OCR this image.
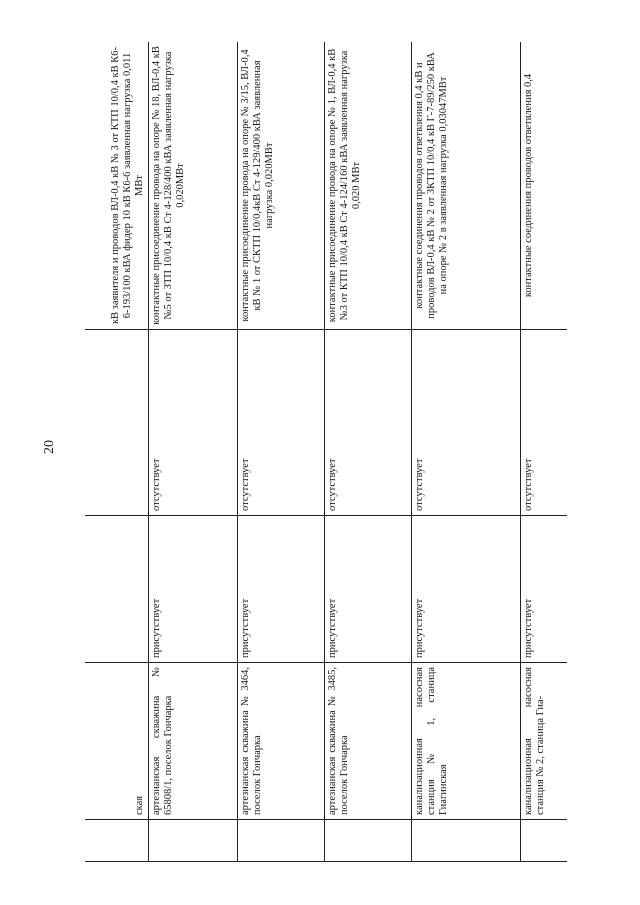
20
	ская			кВ заявителя и проводов ВЛ-0,4 кВ № 3 от КТП 10/0,4 кВ К6-6-193/100 кВА фидер 10 кВ К6-6 заявленная нагрузка 0,011 МВт
	артезианская скважина № 65808/1, поселок Гончарка	присутствует	отсутствует	контактные присоединение провода на опоре № 18, ВЛ-0,4 кВ №5 от ЗТП 10/0,4 кВ Ст 4-128/400 кВА заявленная нагрузка 0,020МВт
	артезианская скважина № 3464, поселок Гончарка	присутствует	отсутствует	контактные присоединение провода на опоре № 3/15, ВЛ-0,4 кВ № 1 от СКТП 10/0,4кВ Ст 4-129/400 кВА заявленная нагрузка 0,020МВт
	артезианская скважина № 3485, поселок Гончарка	присутствует	отсутствует	контактные присоединение провода на опоре № 1, ВЛ-0,4 кВ №3 от КТП 10/0,4 кВ Ст 4-124/160 кВА заявленная нагрузка 0,020 МВт
	канализационная насосная станция № 1, станица Гиагинская	присутствует	отсутствует	контактные соединения проводов ответвления 0,4 кВ и проводов ВЛ-0,4 кВ № 2 от ЗКТП 10/0,4 кВ Г-7-89/250 кВА на опоре № 2 в заявленная нагрузка 0,03047МВт
	канализационная насосная станция № 2, станица Гиа-	присутствует	отсутствует	контактные соединения проводов ответвления 0,4
